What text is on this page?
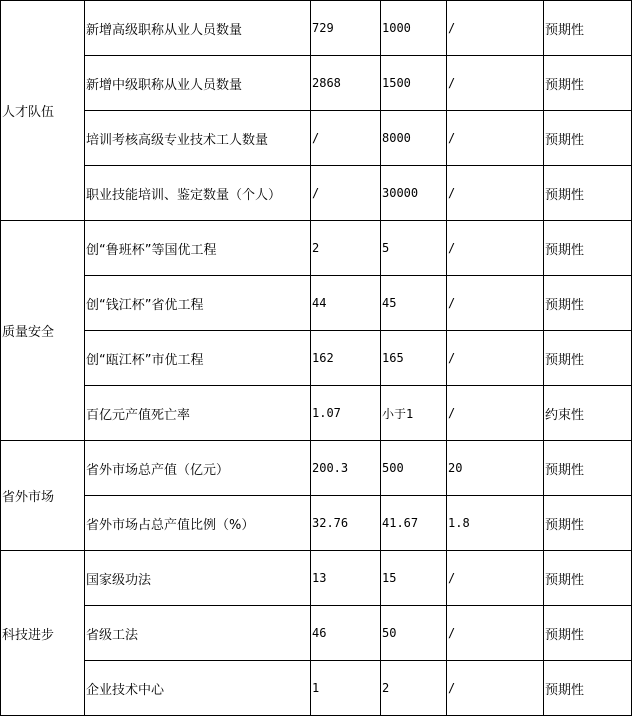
人才队伍	新增高级职称从业人员数量	729	1000	/	预期性
	新增中级职称从业人员数量	2868	1500	/	预期性
	培训考核高级专业技术工人数量	/	8000	/	预期性
	职业技能培训、鉴定数量（个人）	/	30000	/	预期性
质量安全	创“鲁班杯”等国优工程	2	5	/	预期性
	创“钱江杯”省优工程	44	45	/	预期性
	创“瓯江杯”市优工程	162	165	/	预期性
	百亿元产值死亡率	1.07	小于1	/	约束性
省外市场	省外市场总产值（亿元）	200.3	500	20	预期性
	省外市场占总产值比例（%）	32.76	41.67	1.8	预期性
科技进步	国家级功法	13	15	/	预期性
	省级工法	46	50	/	预期性
	企业技术中心	1	2	/	预期性
